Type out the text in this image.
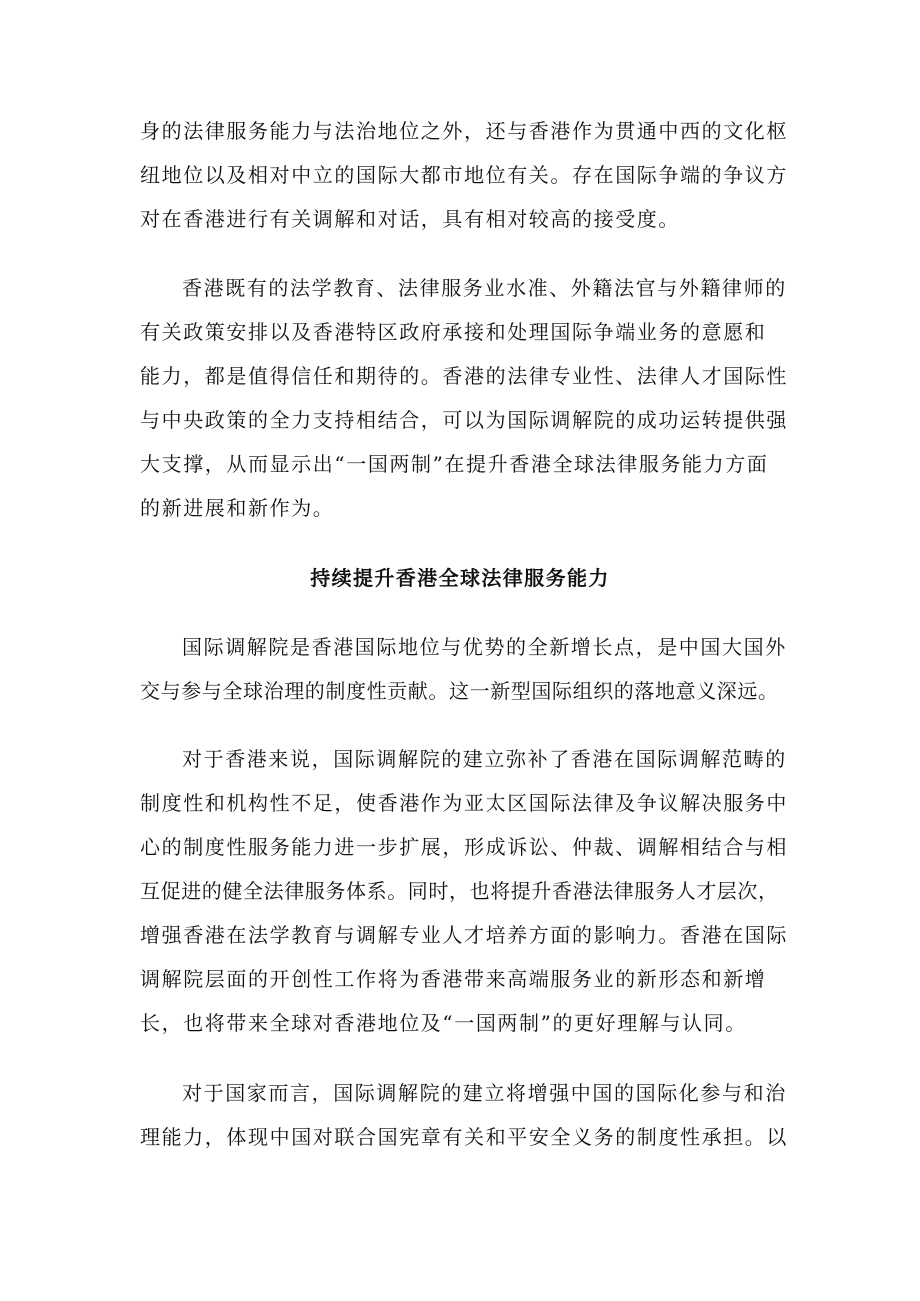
身的法律服务能力与法治地位之外，还与香港作为贯通中西的文化枢
纽地位以及相对中立的国际大都市地位有关。存在国际争端的争议方
对在香港进行有关调解和对话，具有相对较高的接受度。
香港既有的法学教育、法律服务业水准、外籍法官与外籍律师的
有关政策安排以及香港特区政府承接和处理国际争端业务的意愿和
能力，都是值得信任和期待的。香港的法律专业性、法律人才国际性
与中央政策的全力支持相结合，可以为国际调解院的成功运转提供强
大支撑，从而显示出“一国两制”在提升香港全球法律服务能力方面
的新进展和新作为。
持续提升香港全球法律服务能力
国际调解院是香港国际地位与优势的全新增长点，是中国大国外
交与参与全球治理的制度性贡献。这一新型国际组织的落地意义深远。
对于香港来说，国际调解院的建立弥补了香港在国际调解范畴的
制度性和机构性不足，使香港作为亚太区国际法律及争议解决服务中
心的制度性服务能力进一步扩展，形成诉讼、仲裁、调解相结合与相
互促进的健全法律服务体系。同时，也将提升香港法律服务人才层次，
增强香港在法学教育与调解专业人才培养方面的影响力。香港在国际
调解院层面的开创性工作将为香港带来高端服务业的新形态和新增
长，也将带来全球对香港地位及“一国两制”的更好理解与认同。
对于国家而言，国际调解院的建立将增强中国的国际化参与和治
理能力，体现中国对联合国宪章有关和平安全义务的制度性承担。以
